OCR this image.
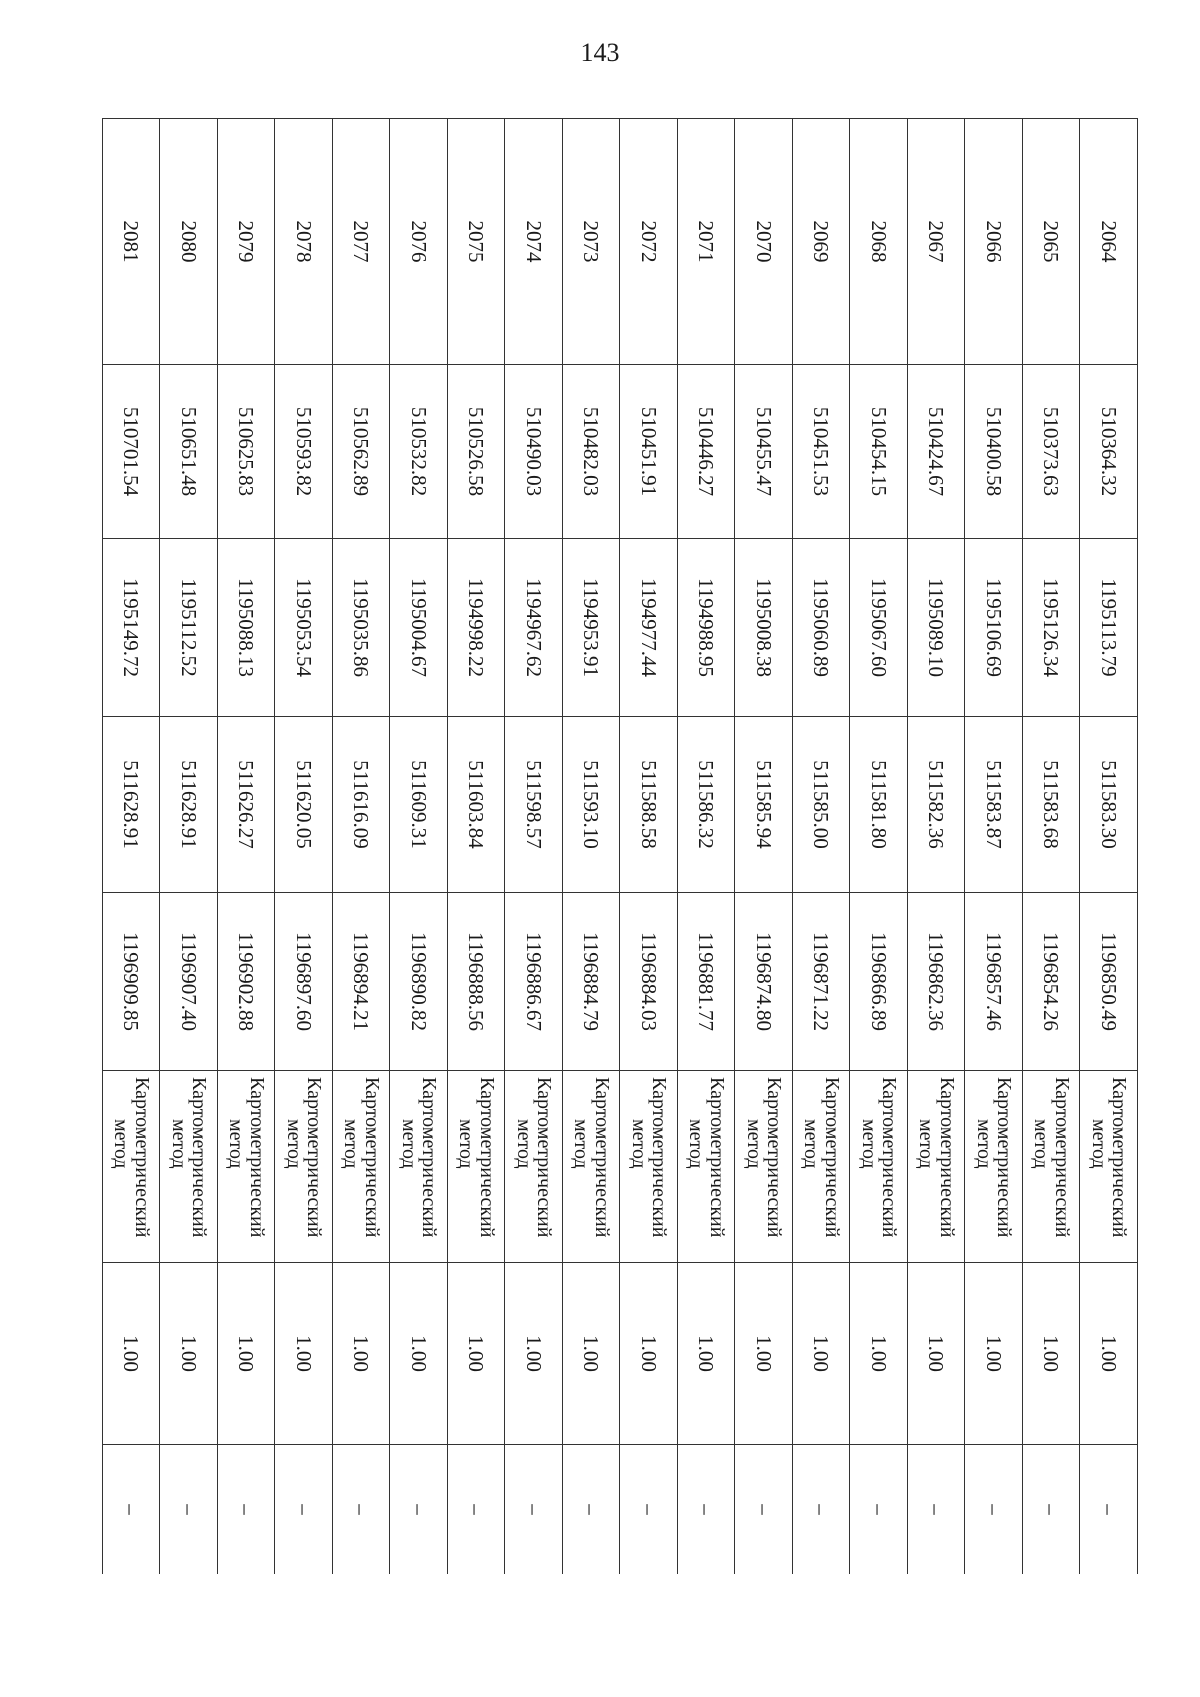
143
2064	510364.32	1195113.79	511583.30	1196850.49	Картометрический
метод	1.00	–
2065	510373.63	1195126.34	511583.68	1196854.26	Картометрический
метод	1.00	–
2066	510400.58	1195106.69	511583.87	1196857.46	Картометрический
метод	1.00	–
2067	510424.67	1195089.10	511582.36	1196862.36	Картометрический
метод	1.00	–
2068	510454.15	1195067.60	511581.80	1196866.89	Картометрический
метод	1.00	–
2069	510451.53	1195060.89	511585.00	1196871.22	Картометрический
метод	1.00	–
2070	510455.47	1195008.38	511585.94	1196874.80	Картометрический
метод	1.00	–
2071	510446.27	1194988.95	511586.32	1196881.77	Картометрический
метод	1.00	–
2072	510451.91	1194977.44	511588.58	1196884.03	Картометрический
метод	1.00	–
2073	510482.03	1194953.91	511593.10	1196884.79	Картометрический
метод	1.00	–
2074	510490.03	1194967.62	511598.57	1196886.67	Картометрический
метод	1.00	–
2075	510526.58	1194998.22	511603.84	1196888.56	Картометрический
метод	1.00	–
2076	510532.82	1195004.67	511609.31	1196890.82	Картометрический
метод	1.00	–
2077	510562.89	1195035.86	511616.09	1196894.21	Картометрический
метод	1.00	–
2078	510593.82	1195053.54	511620.05	1196897.60	Картометрический
метод	1.00	–
2079	510625.83	1195088.13	511626.27	1196902.88	Картометрический
метод	1.00	–
2080	510651.48	1195112.52	511628.91	1196907.40	Картометрический
метод	1.00	–
2081	510701.54	1195149.72	511628.91	1196909.85	Картометрический
метод	1.00	–
